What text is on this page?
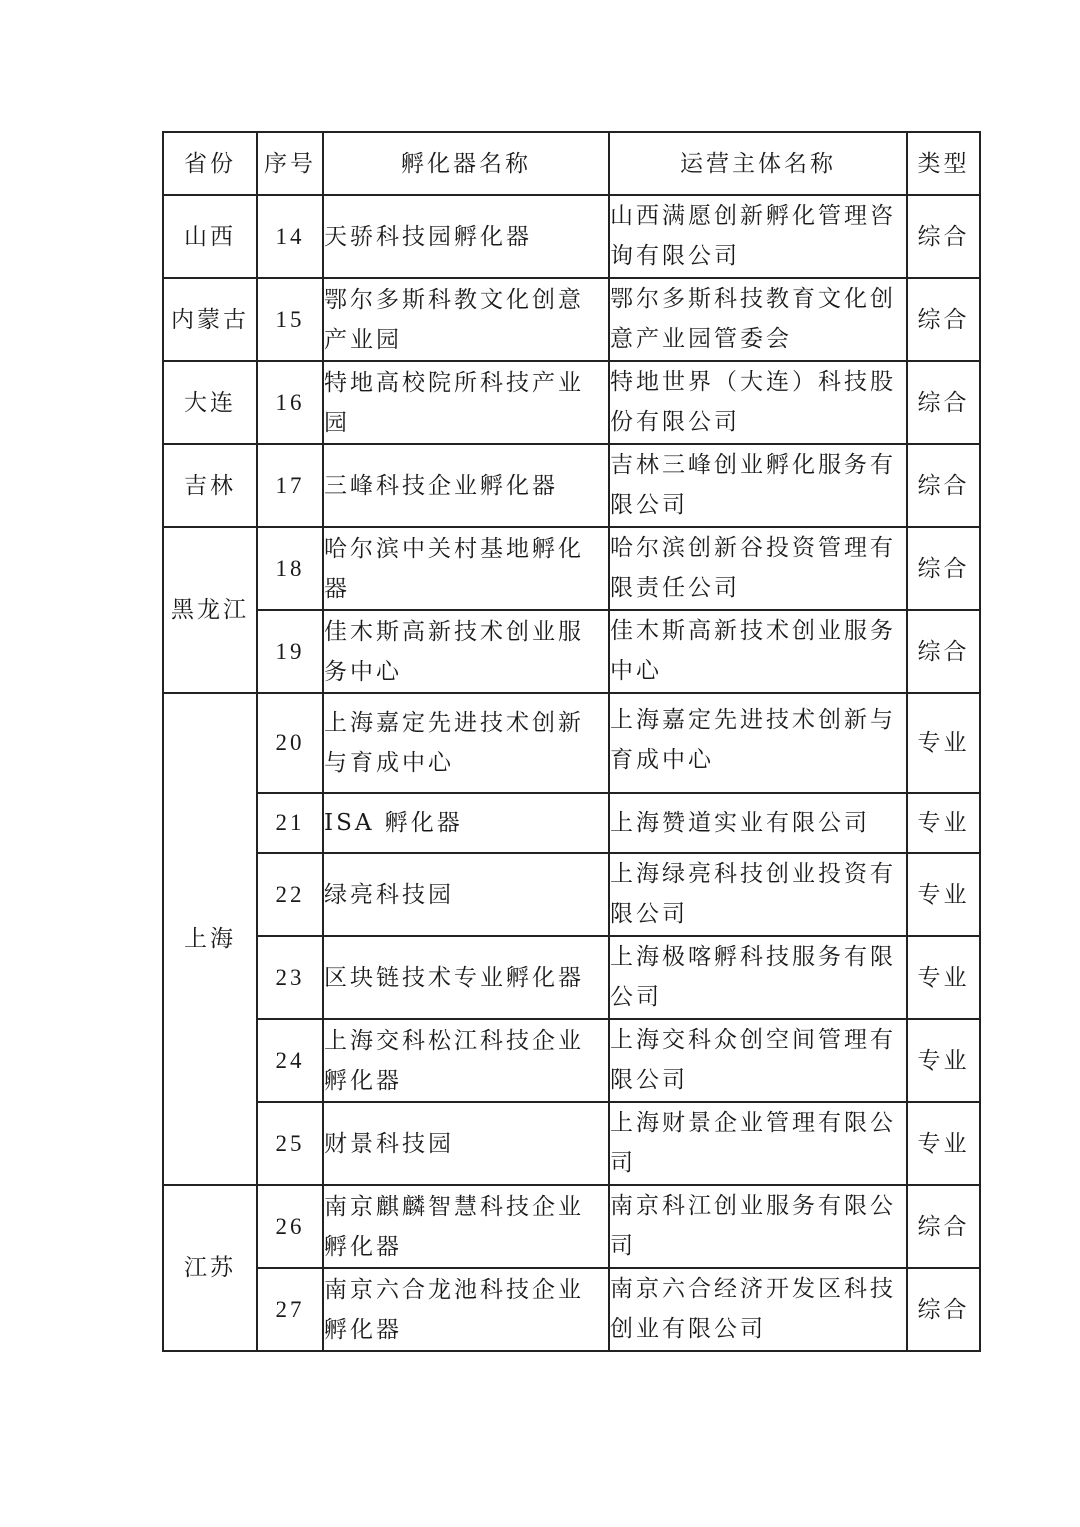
省份	序号	孵化器名称	运营主体名称	类型
山西	14	天骄科技园孵化器	山西满愿创新孵化管理咨询有限公司	综合
内蒙古	15	鄂尔多斯科教文化创意产业园	鄂尔多斯科技教育文化创意产业园管委会	综合
大连	16	特地高校院所科技产业园	特地世界（大连）科技股份有限公司	综合
吉林	17	三峰科技企业孵化器	吉林三峰创业孵化服务有限公司	综合
黑龙江	18	哈尔滨中关村基地孵化器	哈尔滨创新谷投资管理有限责任公司	综合
	19	佳木斯高新技术创业服务中心	佳木斯高新技术创业服务中心	综合
上海	20	上海嘉定先进技术创新与育成中心	上海嘉定先进技术创新与育成中心	专业
	21	ISA 孵化器	上海赞道实业有限公司	专业
	22	绿亮科技园	上海绿亮科技创业投资有限公司	专业
	23	区块链技术专业孵化器	上海极喀孵科技服务有限公司	专业
	24	上海交科松江科技企业孵化器	上海交科众创空间管理有限公司	专业
	25	财景科技园	上海财景企业管理有限公司	专业
江苏	26	南京麒麟智慧科技企业孵化器	南京科江创业服务有限公司	综合
	27	南京六合龙池科技企业孵化器	南京六合经济开发区科技创业有限公司	综合
